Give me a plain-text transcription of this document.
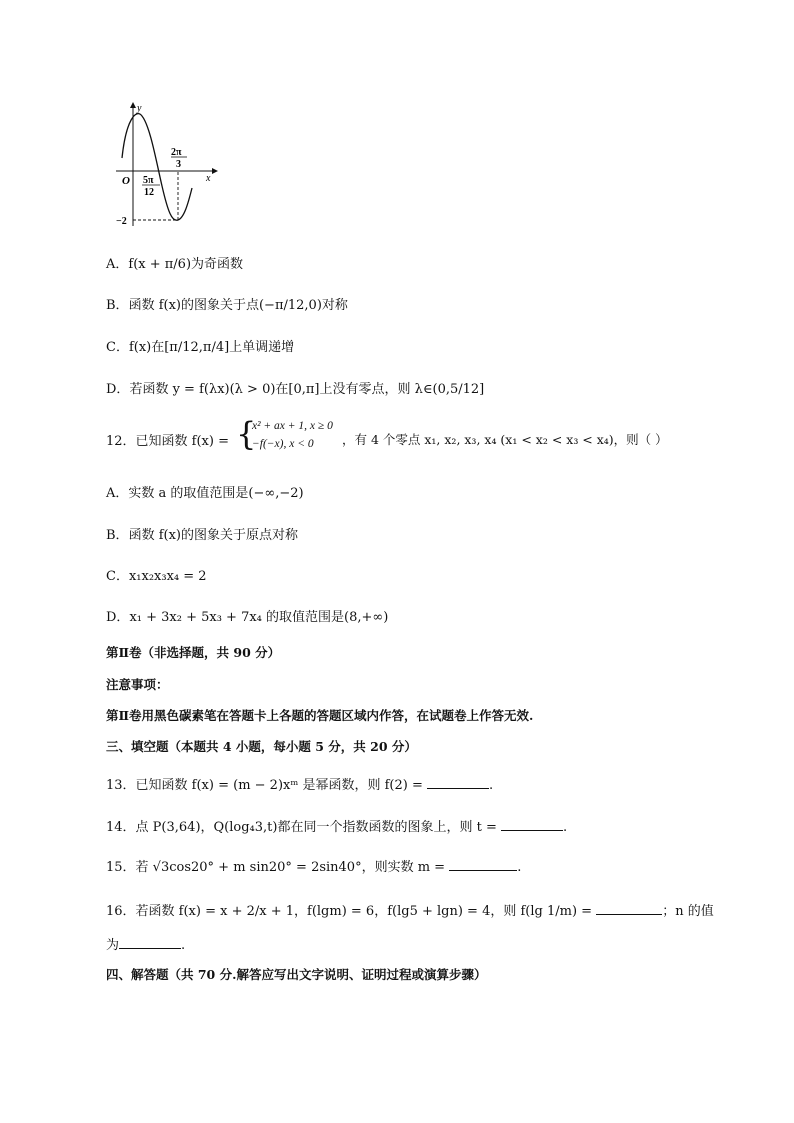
y
x
O 5π
12
2π
3
−2
A．f(x + π/6)为奇函数
B．函数 f(x)的图象关于点(−π/12,0)对称
C．f(x)在[π/12,π/4]上单调递增
D．若函数 y = f(λx)(λ > 0)在[0,π]上没有零点，则 λ∈(0,5/12]
12．已知函数 f(x) = {
x² + ax + 1, x ≥ 0
−f(−x), x < 0 ，有 4 个零点 x₁, x₂, x₃, x₄ (x₁ < x₂ < x₃ < x₄)，则（ ）
A．实数 a 的取值范围是(−∞,−2)
B．函数 f(x)的图象关于原点对称
C．x₁x₂x₃x₄ = 2
D．x₁ + 3x₂ + 5x₃ + 7x₄ 的取值范围是(8,+∞)
第Ⅱ卷（非选择题，共 90 分）
注意事项：
第Ⅱ卷用黑色碳素笔在答题卡上各题的答题区域内作答，在试题卷上作答无效.
三、填空题（本题共 4 小题，每小题 5 分，共 20 分）
13．已知函数 f(x) = (m − 2)xᵐ 是幂函数，则 f(2) =	.
14．点 P(3,64)，Q(log₄3,t)都在同一个指数函数的图象上，则 t =	.
15．若 √3cos20° + m sin20° = 2sin40°，则实数 m =	.
16．若函数 f(x) = x + 2/x + 1，f(lgm) = 6，f(lg5 + lgn) = 4，则 f(lg 1/m) =	；n 的值
为	.
四、解答题（共 70 分.解答应写出文字说明、证明过程或演算步骤）
